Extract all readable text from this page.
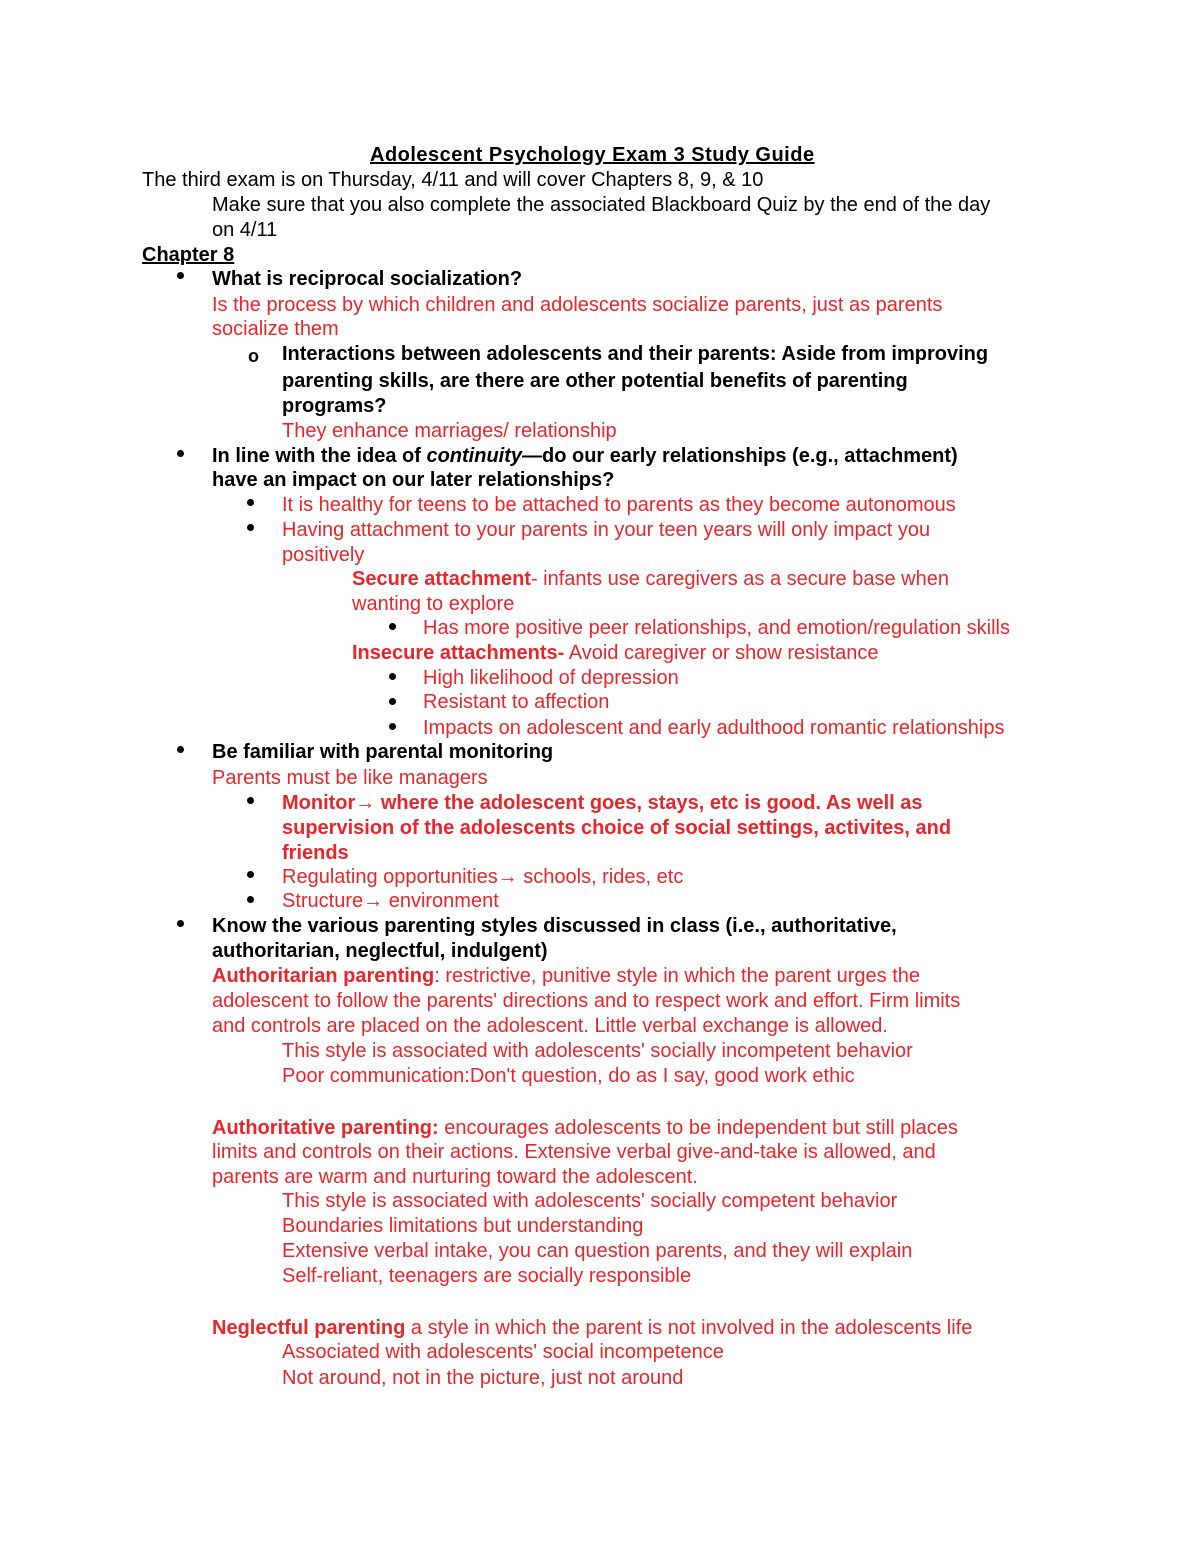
Adolescent Psychology Exam 3 Study Guide
The third exam is on Thursday, 4/11 and will cover Chapters 8, 9, & 10
Make sure that you also complete the associated Blackboard Quiz by the end of the day
on 4/11
Chapter 8
What is reciprocal socialization?
Is the process by which children and adolescents socialize parents, just as parents
socialize them
o Interactions between adolescents and their parents: Aside from improving
parenting skills, are there are other potential benefits of parenting
programs?
They enhance marriages/ relationship
In line with the idea of continuity—do our early relationships (e.g., attachment)
have an impact on our later relationships?
It is healthy for teens to be attached to parents as they become autonomous
Having attachment to your parents in your teen years will only impact you
positively
Secure attachment- infants use caregivers as a secure base when
wanting to explore
Has more positive peer relationships, and emotion/regulation skills
Insecure attachments- Avoid caregiver or show resistance
High likelihood of depression
Resistant to affection
Impacts on adolescent and early adulthood romantic relationships
Be familiar with parental monitoring
Parents must be like managers
Monitor→ where the adolescent goes, stays, etc is good. As well as
supervision of the adolescents choice of social settings, activites, and
friends
Regulating opportunities→ schools, rides, etc
Structure→ environment
Know the various parenting styles discussed in class (i.e., authoritative,
authoritarian, neglectful, indulgent)
Authoritarian parenting: restrictive, punitive style in which the parent urges the
adolescent to follow the parents' directions and to respect work and effort. Firm limits
and controls are placed on the adolescent. Little verbal exchange is allowed.
This style is associated with adolescents' socially incompetent behavior
Poor communication:Don't question, do as I say, good work ethic
Authoritative parenting: encourages adolescents to be independent but still places
limits and controls on their actions. Extensive verbal give-and-take is allowed, and
parents are warm and nurturing toward the adolescent.
This style is associated with adolescents' socially competent behavior
Boundaries limitations but understanding
Extensive verbal intake, you can question parents, and they will explain
Self-reliant, teenagers are socially responsible
Neglectful parenting a style in which the parent is not involved in the adolescents life
Associated with adolescents' social incompetence
Not around, not in the picture, just not around
